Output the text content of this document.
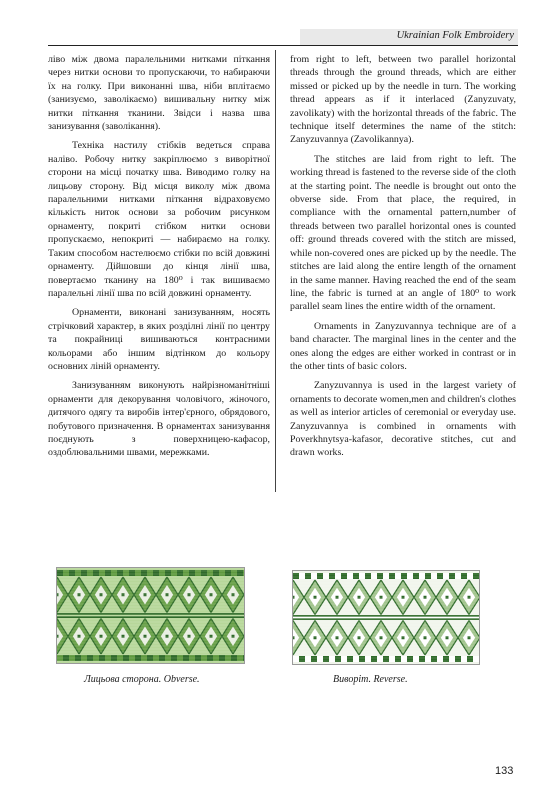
Ukrainian Folk Embroidery

ліво між двома паралельними нитками піткання через нитки основи то пропускаючи, то набираючи їх на голку. При виконанні шва, ніби вплітаємо (занизуємо, заволікаємо) вишивальну нитку між нитки піткання тканини. Звідси і назва шва занизування (заволікання).

Техніка настилу стібків ведеться справа наліво. Робочу нитку закріплюємо з виворітної сторони на місці початку шва. Виводимо голку на лицьову сторону. Від місця виколу між двома паралельними нитками піткання відраховуємо кількість ниток основи за робочим рисунком орнаменту, покриті стібком нитки основи пропускаємо, непокриті — набираємо на голку. Таким способом настелюємо стібки по всій довжині орнаменту. Дійшовши до кінця лінії шва, повертаємо тканину на 180⁰ і так вишиваємо паралельні лінії шва по всій довжині орнаменту.

Орнаменти, виконані занизуванням, носять стрічковий характер, в яких розділні лінії по центру та покрайниці вишиваються контрасними кольорами або іншим відтінком до кольору основних ліній орнаменту.

Занизуванням виконують найрізноманітніші орнаменти для декорування чоловічого, жіночого, дитячого одягу та виробів інтер'єрного, обрядового, побутового призначення. В орнаментах занизування поєднують з поверхницею-кафасор, оздоблювальними швами, мережками.

from right to left, between two parallel horizontal threads through the ground threads, which are either missed or picked up by the needle in turn. The working thread appears as if it interlaced (Zanyzuvaty, zavolikaty) with the horizontal threads of the fabric. The technique itself determines the name of the stitch: Zanyzuvannya (Zavolikannya).

The stitches are laid from right to left. The working thread is fastened to the reverse side of the cloth at the starting point. The needle is brought out onto the obverse side. From that place, the required, in compliance with the ornamental pattern,number of threads between two parallel horizontal ones is counted off: ground threads covered with the stitch are missed, while non-covered ones are picked up by the needle. The stitches are laid along the entire length of the ornament in the same manner. Having reached the end of the seam line, the fabric is turned at an angle of 180⁰ to work parallel seam lines the entire width of the ornament.

Ornaments in Zanyzuvannya technique are of a band character. The marginal lines in the center and the ones along the edges are either worked in contrast or in the other tints of basic colors.

Zanyzuvannya is used in the largest variety of ornaments to decorate women,men and children's clothes as well as interior articles of ceremonial or everyday use. Zanyzuvannya is combined in ornaments with Poverkhnytsya-kafasor, decorative stitches, cut and drawn works.

Лицьова сторона. Obverse.	Виворіт. Reverse.
133
